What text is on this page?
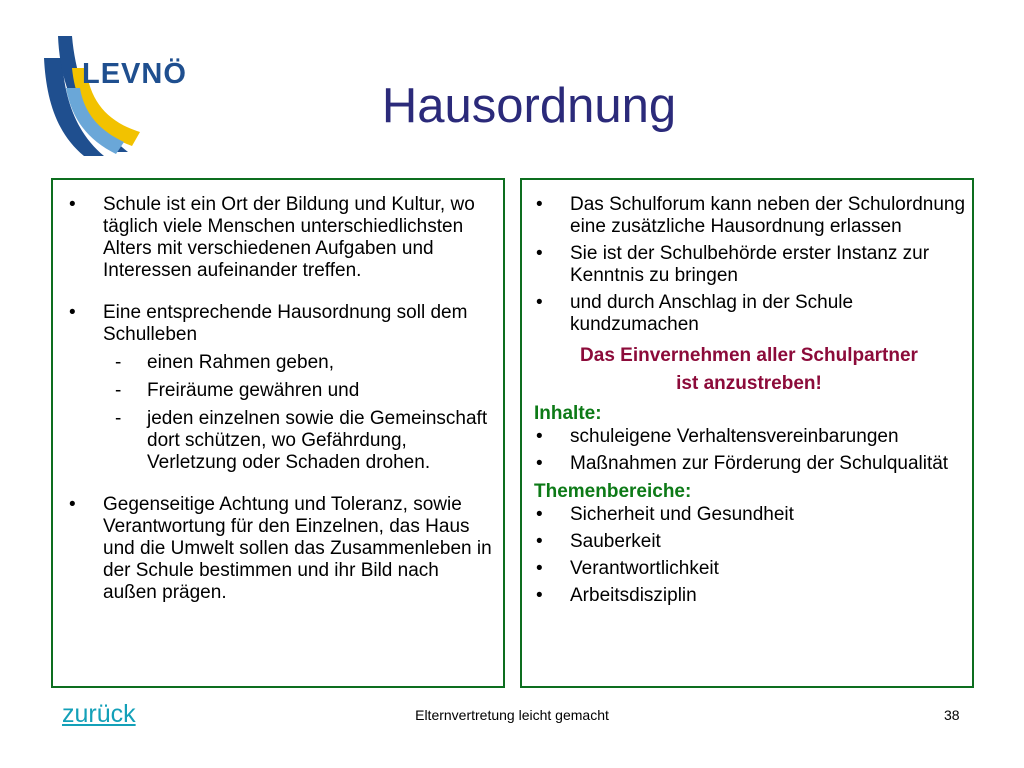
LEVNÖ
Hausordnung
• Schule ist ein Ort der Bildung und Kultur, wo täglich viele Menschen unterschiedlichsten Alters mit verschiedenen Aufgaben und Interessen aufeinander treffen.
• Eine entsprechende Hausordnung soll dem Schulleben
- einen Rahmen geben,
- Freiräume gewähren und
- jeden einzelnen sowie die Gemeinschaft dort schützen, wo Gefährdung, Verletzung oder Schaden drohen.
• Gegenseitige Achtung und Toleranz, sowie Verantwortung für den Einzelnen, das Haus und die Umwelt sollen das Zusammenleben in der Schule bestimmen und ihr Bild nach außen prägen.
• Das Schulforum kann neben der Schulordnung eine zusätzliche Hausordnung erlassen
• Sie ist der Schulbehörde erster Instanz zur Kenntnis zu bringen
• und durch Anschlag in der Schule kundzumachen
Das Einvernehmen aller Schulpartner
ist anzustreben!
Inhalte:
• schuleigene Verhaltensvereinbarungen
• Maßnahmen zur Förderung der Schulqualität
Themenbereiche:
• Sicherheit und Gesundheit
• Sauberkeit
• Verantwortlichkeit
• Arbeitsdisziplin
zurück	Elternvertretung leicht gemacht	38
